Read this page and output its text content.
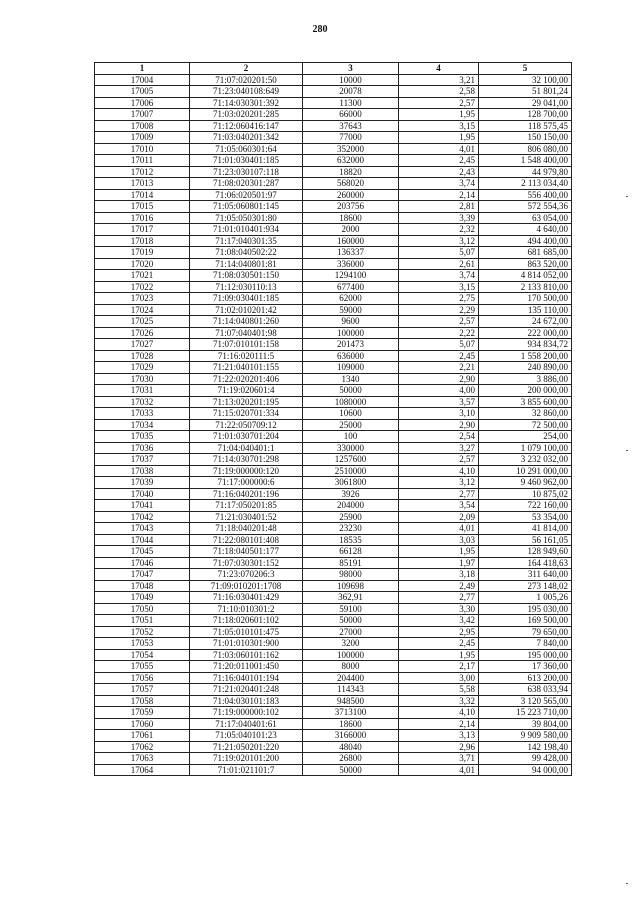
280
1	2	3	4	5
17004	71:07:020201:50	10000	3,21	32 100,00
17005	71:23:040108:649	20078	2,58	51 801,24
17006	71:14:030301:392	11300	2,57	29 041,00
17007	71:03:020201:285	66000	1,95	128 700,00
17008	71:12:060416:147	37643	3,15	118 575,45
17009	71:03:040201:342	77000	1,95	150 150,00
17010	71:05:060301:64	352000	4,01	806 080,00
17011	71:01:030401:185	632000	2,45	1 548 400,00
17012	71:23:030107:118	18820	2,43	44 979,80
17013	71:08:020301:287	568020	3,74	2 113 034,40
17014	71:06:020501:97	260000	2,14	556 400,00
17015	71:05:060801:145	203756	2,81	572 554,36
17016	71:05:050301:80	18600	3,39	63 054,00
17017	71:01:010401:934	2000	2,32	4 640,00
17018	71:17:040301:35	160000	3,12	494 400,00
17019	71:08:040502:22	136337	5,07	681 685,00
17020	71:14:040801:81	336000	2,61	863 520,00
17021	71:08:030501:150	1294100	3,74	4 814 052,00
17022	71:12:030110:13	677400	3,15	2 133 810,00
17023	71:09:030401:185	62000	2,75	170 500,00
17024	71:02:010201:42	59000	2,29	135 110,00
17025	71:14:040801:260	9600	2,57	24 672,00
17026	71:07:040401:98	100000	2,22	222 000,00
17027	71:07:010101:158	201473	5,07	934 834,72
17028	71:16:020111:5	636000	2,45	1 558 200,00
17029	71:21:040101:155	109000	2,21	240 890,00
17030	71:22:020201:406	1340	2,90	3 886,00
17031	71:19:020601:4	50000	4,00	200 000,00
17032	71:13:020201:195	1080000	3,57	3 855 600,00
17033	71:15:020701:334	10600	3,10	32 860,00
17034	71:22:050709:12	25000	2,90	72 500,00
17035	71:01:030701:204	100	2,54	254,00
17036	71:04:040401:1	330000	3,27	1 079 100,00
17037	71:14:030701:298	1257600	2,57	3 232 032,00
17038	71:19:000000:120	2510000	4,10	10 291 000,00
17039	71:17:000000:6	3061800	3,12	9 460 962,00
17040	71:16:040201:196	3926	2,77	10 875,02
17041	71:17:050201:85	204000	3,54	722 160,00
17042	71:21:030401:52	25900	2,09	53 354,00
17043	71:18:040201:48	23230	4,01	41 814,00
17044	71:22:080101:408	18535	3,03	56 161,05
17045	71:18:040501:177	66128	1,95	128 949,60
17046	71:07:030301:152	85191	1,97	164 418,63
17047	71:23:070206:3	98000	3,18	311 640,00
17048	71:09:010201:1708	109698	2,49	273 148,02
17049	71:16:030401:429	362,91	2,77	1 005,26
17050	71:10:010301:2	59100	3,30	195 030,00
17051	71:18:020601:102	50000	3,42	169 500,00
17052	71:05:010101:475	27000	2,95	79 650,00
17053	71:01:010301:900	3200	2,45	7 840,00
17054	71:03:060101:162	100000	1,95	195 000,00
17055	71:20:011001:450	8000	2,17	17 360,00
17056	71:16:040101:194	204400	3,00	613 200,00
17057	71:21:020401:248	114343	5,58	638 033,94
17058	71:04:030101:183	948500	3,32	3 120 565,00
17059	71:19:000000:102	3713100	4,10	15 223 710,00
17060	71:17:040401:61	18600	2,14	39 804,00
17061	71:05:040101:23	3166000	3,13	9 909 580,00
17062	71:21:050201:220	48040	2,96	142 198,40
17063	71:19:020101:200	26800	3,71	99 428,00
17064	71:01:021101:7	50000	4,01	94 000,00
